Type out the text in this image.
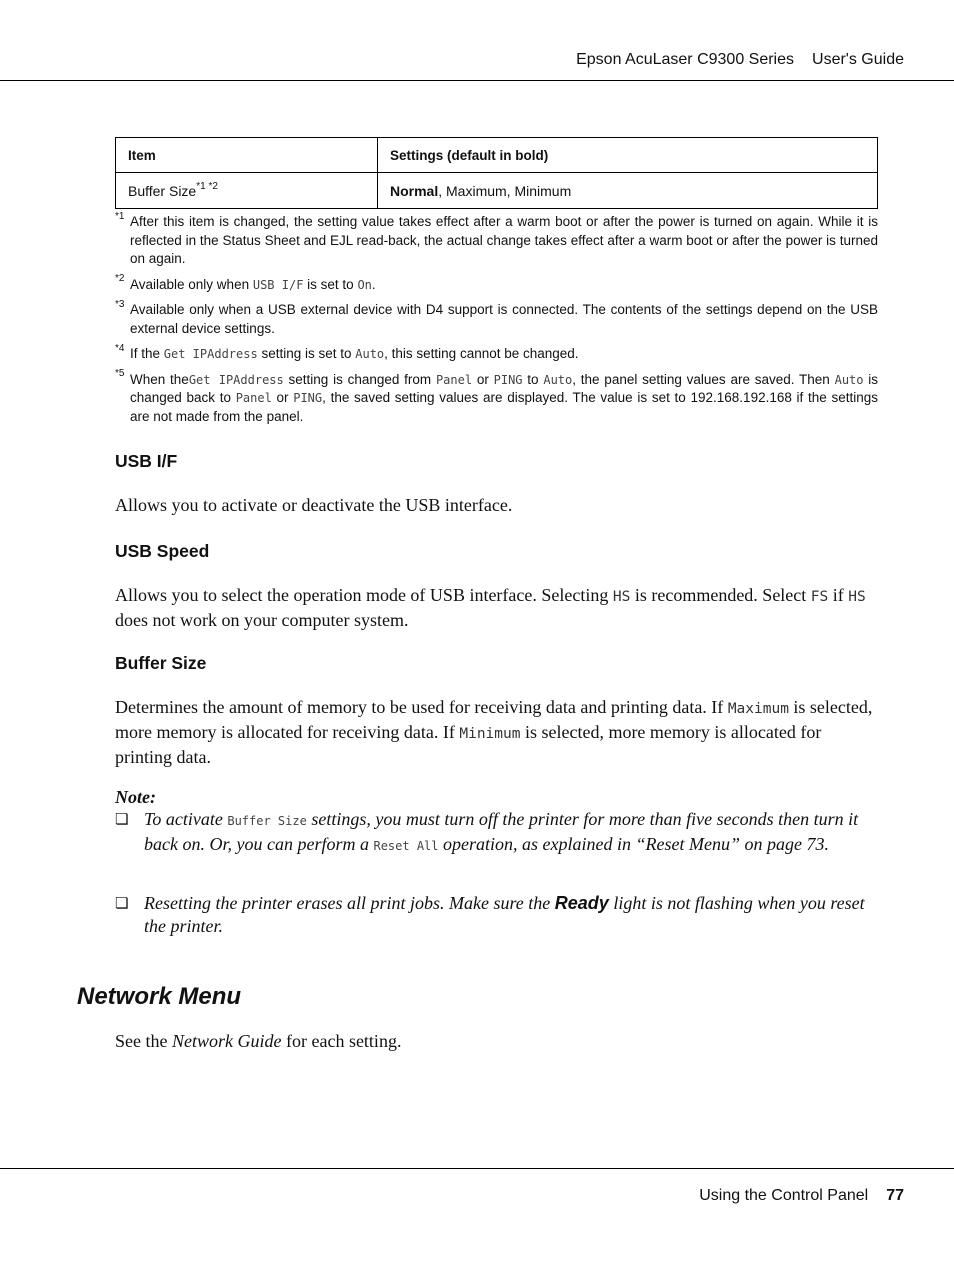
Epson AcuLaser C9300 Series User's Guide
Item	Settings (default in bold)
Buffer Size$^{*1 *2}$	Normal, Maximum, Minimum
$^{*1}$ After this item is changed, the setting value takes effect after a warm boot or after the power is turned on again. While it is reflected in the Status Sheet and EJL read-back, the actual change takes effect after a warm boot or after the power is turned on again.
$^{*2}$ Available only when USB I/F is set to On.
$^{*3}$ Available only when a USB external device with D4 support is connected. The contents of the settings depend on the USB external device settings.
$^{*4}$ If the Get IPAddress setting is set to Auto, this setting cannot be changed.
$^{*5}$ When theGet IPAddress setting is changed from Panel or PING to Auto, the panel setting values are saved. Then Auto is changed back to Panel or PING, the saved setting values are displayed. The value is set to 192.168.192.168 if the settings are not made from the panel.
USB I/F

Allows you to activate or deactivate the USB interface.

USB Speed

Allows you to select the operation mode of USB interface. Selecting HS is recommended. Select FS if HS does not work on your computer system.

Buffer Size

Determines the amount of memory to be used for receiving data and printing data. If Maximum is selected, more memory is allocated for receiving data. If Minimum is selected, more memory is allocated for printing data.

Note:
❏ To activate Buffer Size settings, you must turn off the printer for more than five seconds then turn it back on. Or, you can perform a Reset All operation, as explained in “Reset Menu” on page 73.
❏ Resetting the printer erases all print jobs. Make sure the Ready light is not flashing when you reset the printer.
Network Menu

See the Network Guide for each setting.

Using the Control Panel 77
